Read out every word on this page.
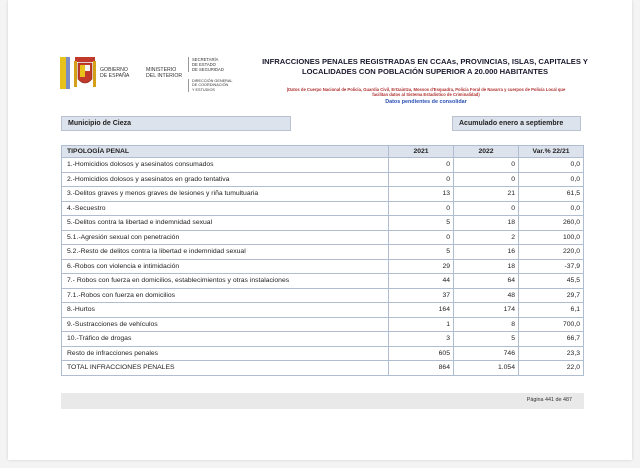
GOBIERNO
DE ESPAÑA
MINISTERIO
DEL INTERIOR
SECRETARÍA
DE ESTADO
DE SEGURIDAD
DIRECCIÓN GENERAL
DE COORDINACIÓN
Y ESTUDIOS
INFRACCIONES PENALES REGISTRADAS EN CCAAs, PROVINCIAS, ISLAS, CAPITALES Y
LOCALIDADES CON POBLACIÓN SUPERIOR A 20.000 HABITANTES
(Datos de Cuerpo Nacional de Policía, Guardia Civil, Ertzaintza, Mossos d'Esquadra, Policía Foral de Navarra y cuerpos de Policía Local que
facilitan datos al Sistema Estadístico de Criminalidad)
Datos pendientes de consolidar
Municipio de Cieza	Acumulado enero a septiembre
TIPOLOGÍA PENAL	2021	2022	Var.% 22/21
1.-Homicidios dolosos y asesinatos consumados	0	0	0,0
2.-Homicidios dolosos y asesinatos en grado tentativa	0	0	0,0
3.-Delitos graves y menos graves de lesiones y riña tumultuaria	13	21	61,5
4.-Secuestro	0	0	0,0
5.-Delitos contra la libertad e indemnidad sexual	5	18	260,0
5.1.-Agresión sexual con penetración	0	2	100,0
5.2.-Resto de delitos contra la libertad e indemnidad sexual	5	16	220,0
6.-Robos con violencia e intimidación	29	18	-37,9
7.- Robos con fuerza en domicilios, establecimientos y otras instalaciones	44	64	45,5
7.1.-Robos con fuerza en domicilios	37	48	29,7
8.-Hurtos	164	174	6,1
9.-Sustracciones de vehículos	1	8	700,0
10.-Tráfico de drogas	3	5	66,7
Resto de infracciones penales	605	746	23,3
TOTAL INFRACCIONES PENALES	864	1.054	22,0
Página 441 de 487
